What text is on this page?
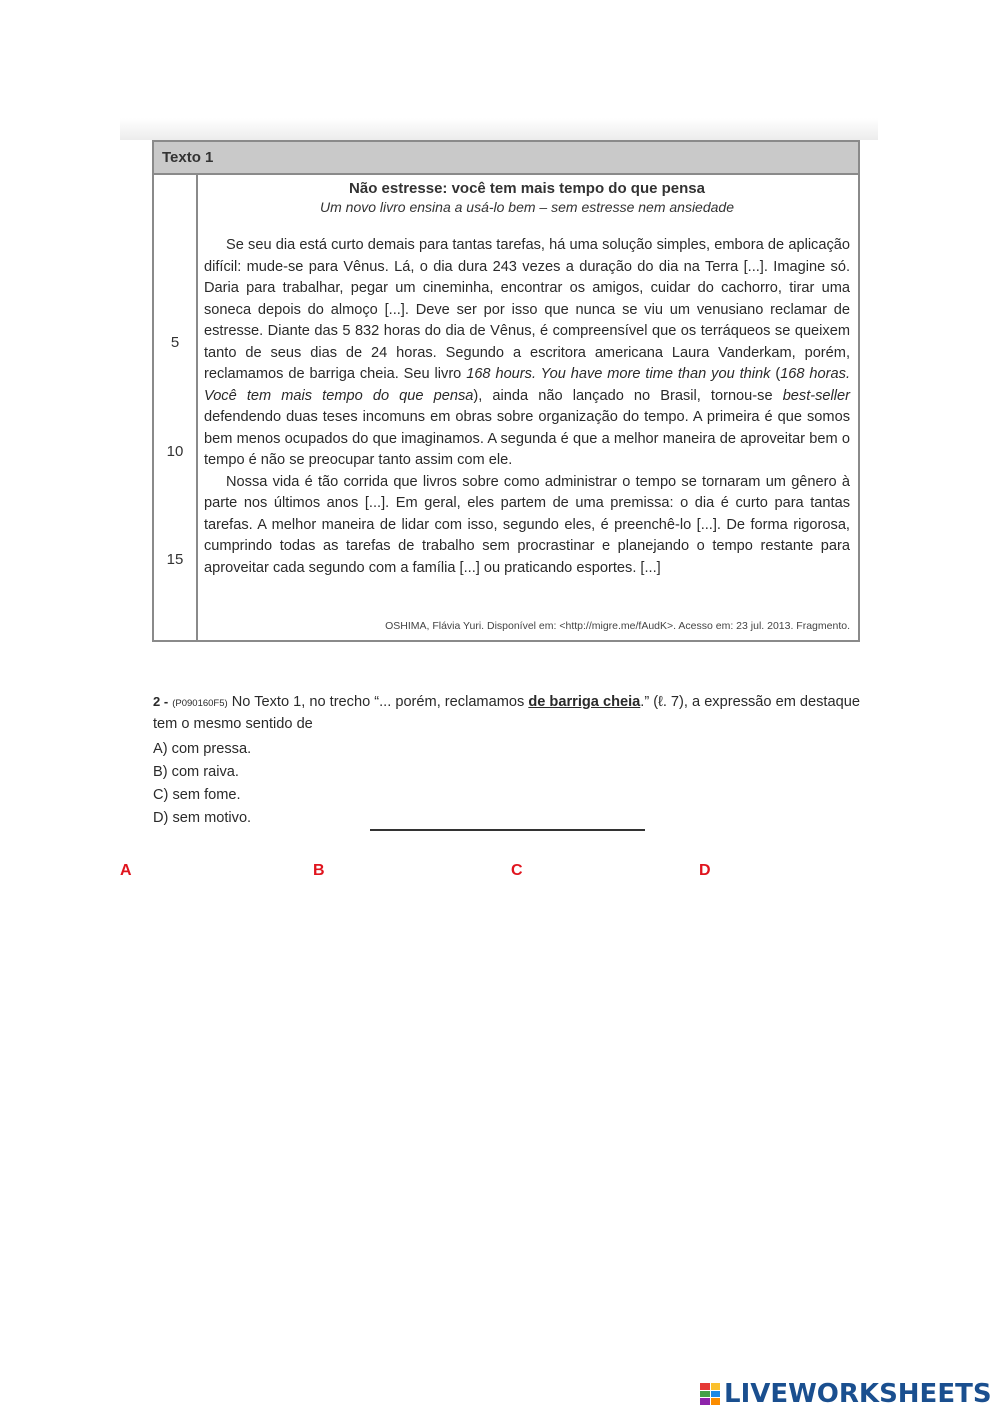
Texto 1
5
10
15
Não estresse: você tem mais tempo do que pensa
Um novo livro ensina a usá-lo bem – sem estresse nem ansiedade

Se seu dia está curto demais para tantas tarefas, há uma solução simples, embora de aplicação difícil: mude-se para Vênus. Lá, o dia dura 243 vezes a duração do dia na Terra [...]. Imagine só. Daria para trabalhar, pegar um cineminha, encontrar os amigos, cuidar do cachorro, tirar uma soneca depois do almoço [...]. Deve ser por isso que nunca se viu um venusiano reclamar de estresse. Diante das 5 832 horas do dia de Vênus, é compreensível que os terráqueos se queixem tanto de seus dias de 24 horas. Segundo a escritora americana Laura Vanderkam, porém, reclamamos de barriga cheia. Seu livro 168 hours. You have more time than you think (168 horas. Você tem mais tempo do que pensa), ainda não lançado no Brasil, tornou-se best-seller defendendo duas teses incomuns em obras sobre organização do tempo. A primeira é que somos bem menos ocupados do que imaginamos. A segunda é que a melhor maneira de aproveitar bem o tempo é não se preocupar tanto assim com ele.

Nossa vida é tão corrida que livros sobre como administrar o tempo se tornaram um gênero à parte nos últimos anos [...]. Em geral, eles partem de uma premissa: o dia é curto para tantas tarefas. A melhor maneira de lidar com isso, segundo eles, é preenchê-lo [...]. De forma rigorosa, cumprindo todas as tarefas de trabalho sem procrastinar e planejando o tempo restante para aproveitar cada segundo com a família [...] ou praticando esportes. [...]

OSHIMA, Flávia Yuri. Disponível em: <http://migre.me/fAudK>. Acesso em: 23 jul. 2013. Fragmento.
2 - (P090160F5) No Texto 1, no trecho “... porém, reclamamos de barriga cheia.” (ℓ. 7), a expressão em destaque tem o mesmo sentido de
A) com pressa.
B) com raiva.
C) sem fome.
D) sem motivo.
A	B	C	D
LIVEWORKSHEETS
